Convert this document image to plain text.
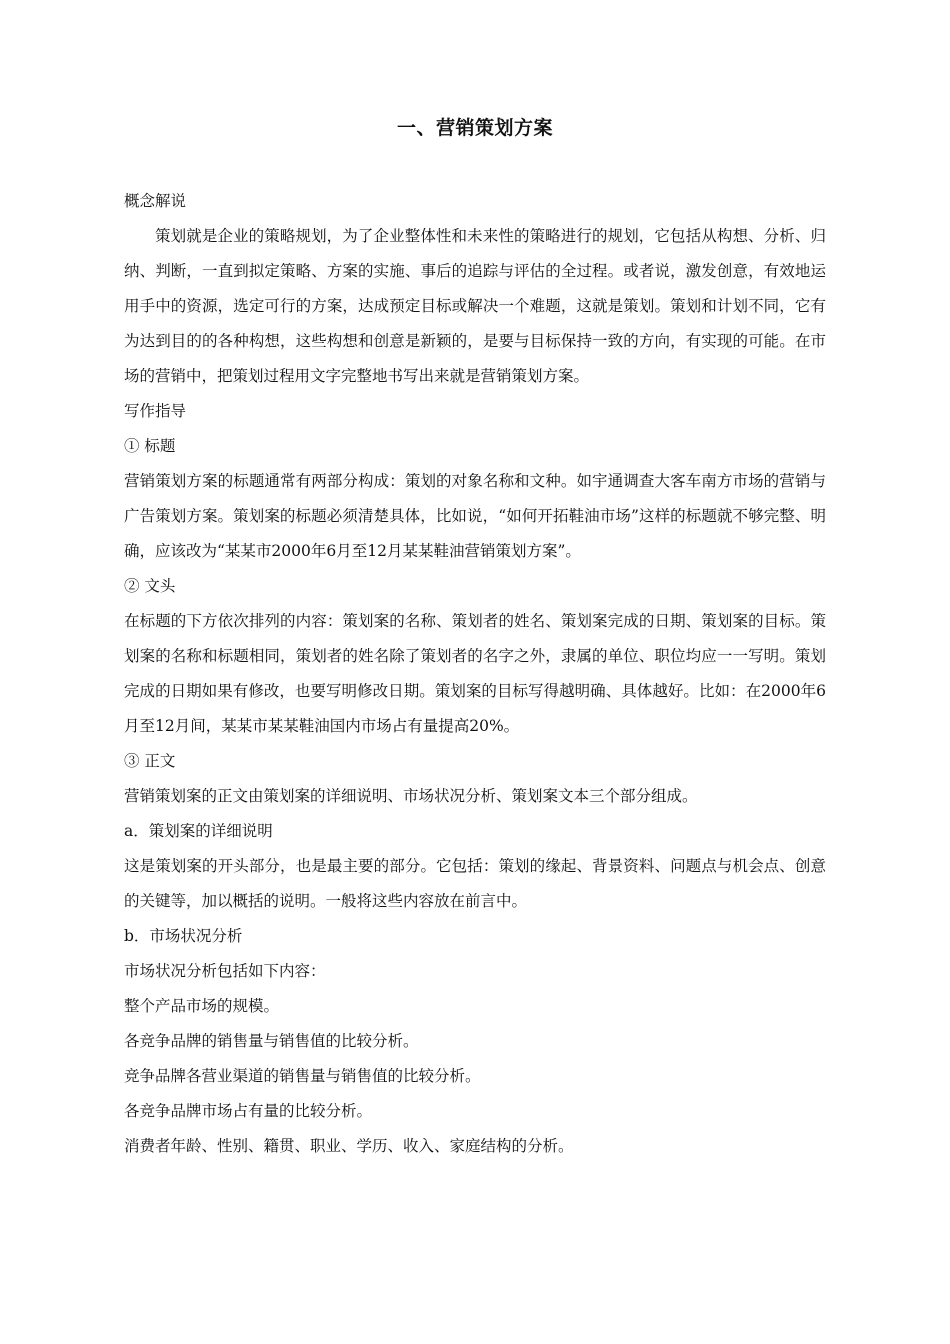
一、营销策划方案

概念解说

策划就是企业的策略规划，为了企业整体性和未来性的策略进行的规划，它包括从构想、分析、归纳、判断，一直到拟定策略、方案的实施、事后的追踪与评估的全过程。或者说，激发创意，有效地运用手中的资源，选定可行的方案，达成预定目标或解决一个难题，这就是策划。策划和计划不同，它有为达到目的的各种构想，这些构想和创意是新颖的，是要与目标保持一致的方向，有实现的可能。在市场的营销中，把策划过程用文字完整地书写出来就是营销策划方案。

写作指导

① 标题

营销策划方案的标题通常有两部分构成：策划的对象名称和文种。如宇通调查大客车南方市场的营销与广告策划方案。策划案的标题必须清楚具体，比如说，“如何开拓鞋油市场”这样的标题就不够完整、明确，应该改为“某某市2000年6月至12月某某鞋油营销策划方案”。

② 文头

在标题的下方依次排列的内容：策划案的名称、策划者的姓名、策划案完成的日期、策划案的目标。策划案的名称和标题相同，策划者的姓名除了策划者的名字之外，隶属的单位、职位均应一一写明。策划完成的日期如果有修改，也要写明修改日期。策划案的目标写得越明确、具体越好。比如：在2000年6月至12月间，某某市某某鞋油国内市场占有量提高20%。

③ 正文

营销策划案的正文由策划案的详细说明、市场状况分析、策划案文本三个部分组成。

a．策划案的详细说明

这是策划案的开头部分，也是最主要的部分。它包括：策划的缘起、背景资料、问题点与机会点、创意的关键等，加以概括的说明。一般将这些内容放在前言中。

b．市场状况分析

市场状况分析包括如下内容：

整个产品市场的规模。

各竞争品牌的销售量与销售值的比较分析。

竞争品牌各营业渠道的销售量与销售值的比较分析。

各竞争品牌市场占有量的比较分析。

消费者年龄、性别、籍贯、职业、学历、收入、家庭结构的分析。
